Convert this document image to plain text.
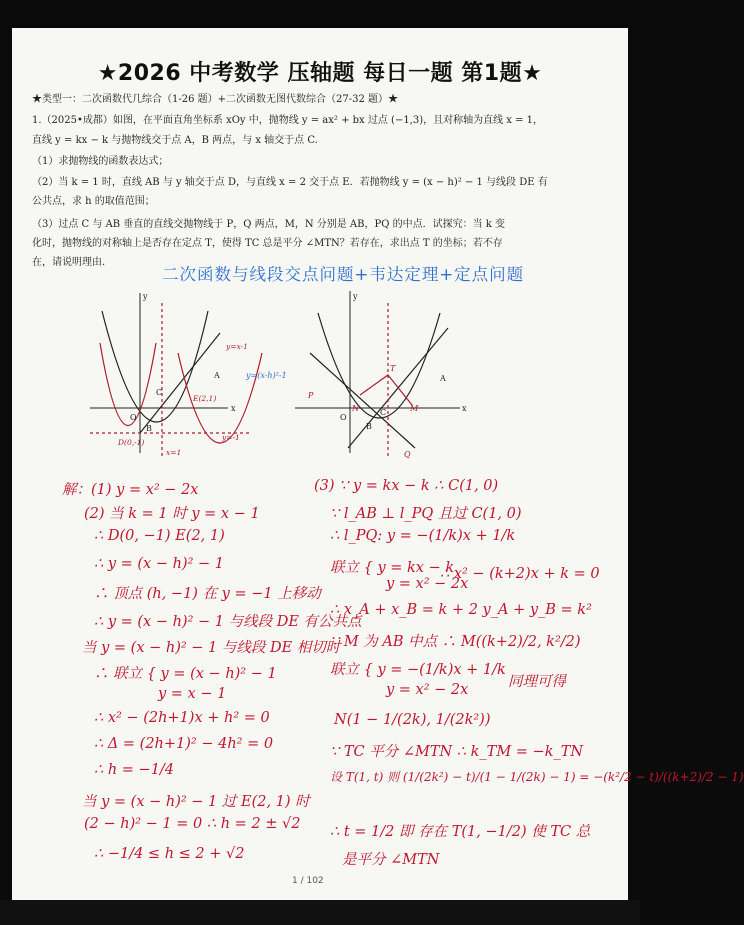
★2026 中考数学 压轴题 每日一题 第1题★
★类型一：二次函数代几综合（1-26 题）+二次函数无图代数综合（27-32 题）★
1.（2025•成都）如图，在平面直角坐标系 xOy 中，抛物线 y = ax² + bx 过点 (−1,3)，且对称轴为直线 x = 1，
直线 y = kx − k 与抛物线交于点 A，B 两点，与 x 轴交于点 C.
（1）求抛物线的函数表达式；
（2）当 k = 1 时，直线 AB 与 y 轴交于点 D，与直线 x = 2 交于点 E．若抛物线 y = (x − h)² − 1 与线段 DE 有
公共点，求 h 的取值范围；
（3）过点 C 与 AB 垂直的直线交抛物线于 P，Q 两点，M，N 分别是 AB，PQ 的中点．试探究：当 k 变
化时，抛物线的对称轴上是否存在定点 T，使得 TC 总是平分 ∠MTN？若存在，求出点 T 的坐标；若不存
在，请说明理由.
二次函数与线段交点问题+韦达定理+定点问题
y
x
O
A
B
C
y=x-1
E(2,1)
D(0,-1)
y=-1
x=1
y=(x-h)²-1
y
x
O
A
B
C
P
Q
M
N
T
解：(1) y = x² − 2x
(2) 当 k = 1 时 y = x − 1
∴ D(0, −1) E(2, 1)
∴ y = (x − h)² − 1
∴ 顶点 (h, −1) 在 y = −1 上移动
∴ y = (x − h)² − 1 与线段 DE 有公共点
当 y = (x − h)² − 1 与线段 DE 相切时
∴ 联立 { y = (x − h)² − 1
y = x − 1
∴ x² − (2h+1)x + h² = 0
∴ Δ = (2h+1)² − 4h² = 0
∴ h = −1/4
当 y = (x − h)² − 1 过 E(2, 1) 时
(2 − h)² − 1 = 0 ∴ h = 2 ± √2
∴ −1/4 ≤ h ≤ 2 + √2
(3) ∵ y = kx − k ∴ C(1, 0)
∵ l_AB ⊥ l_PQ 且过 C(1, 0)
∴ l_PQ: y = −(1/k)x + 1/k
联立 { y = kx − k
y = x² − 2x
∴ x² − (k+2)x + k = 0
∴ x_A + x_B = k + 2 y_A + y_B = k²
∵ M 为 AB 中点 ∴ M((k+2)/2, k²/2)
联立 { y = −(1/k)x + 1/k
y = x² − 2x	同理可得
N(1 − 1/(2k), 1/(2k²))
∵ TC 平分 ∠MTN ∴ k_TM = −k_TN
设 T(1, t) 则 (1/(2k²) − t)/(1 − 1/(2k) − 1) = −(k²/2 − t)/((k+2)/2 − 1)
∴ t = 1/2 即 存在 T(1, −1/2) 使 TC 总
是平分 ∠MTN
1 / 102
